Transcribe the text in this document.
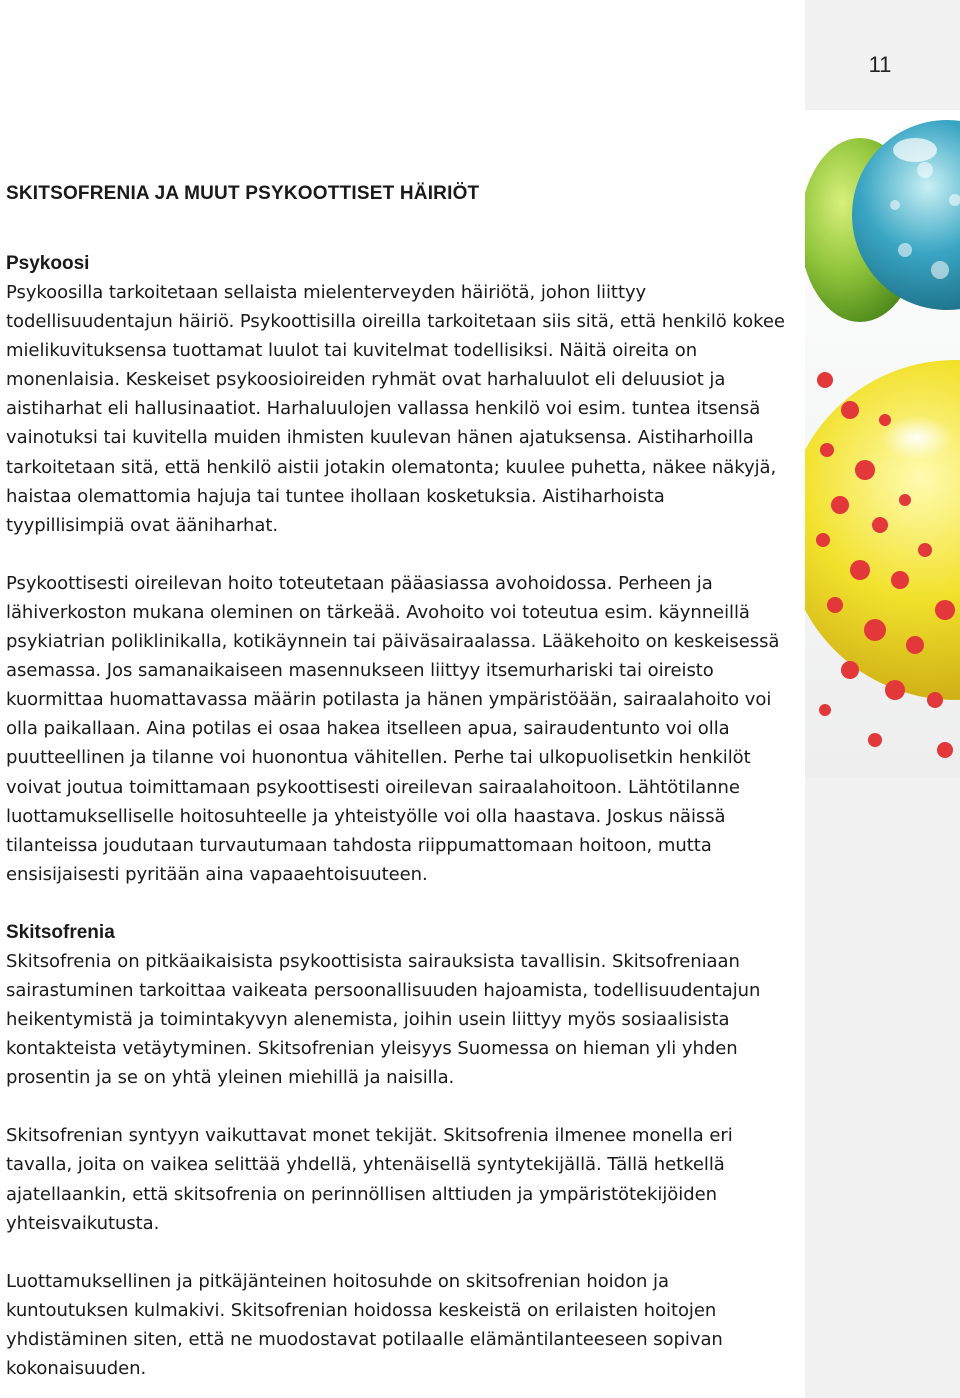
11
SKITSOFRENIA JA MUUT PSYKOOTTISET HÄIRIÖT
Psykoosi

Psykoosilla tarkoitetaan sellaista mielenterveyden häiriötä, johon liittyy todellisuudentajun häiriö. Psykoottisilla oireilla tarkoitetaan siis sitä, että henkilö kokee mielikuvituksensa tuottamat luulot tai kuvitelmat todellisiksi. Näitä oireita on monenlaisia. Keskeiset psykoosioireiden ryhmät ovat harhaluulot eli deluusiot ja aistiharhat eli hallusinaatiot. Harhaluulojen vallassa henkilö voi esim. tuntea itsensä vainotuksi tai kuvitella muiden ihmisten kuulevan hänen ajatuksensa. Aistiharhoilla tarkoitetaan sitä, että henkilö aistii jotakin olematonta; kuulee puhetta, näkee näkyjä, haistaa olemattomia hajuja tai tuntee ihollaan kosketuksia. Aistiharhoista tyypillisimpiä ovat ääniharhat.

Psykoottisesti oireilevan hoito toteutetaan pääasiassa avohoidossa. Perheen ja lähiverkoston mukana oleminen on tärkeää. Avohoito voi toteutua esim. käynneillä psykiatrian poliklinikalla, kotikäynnein tai päiväsairaalassa. Lääkehoito on keskeisessä asemassa. Jos samanaikaiseen masennukseen liittyy itsemurhariski tai oireisto kuormittaa huomattavassa määrin potilasta ja hänen ympäristöään, sairaalahoito voi olla paikallaan. Aina potilas ei osaa hakea itselleen apua, sairaudentunto voi olla puutteellinen ja tilanne voi huonontua vähitellen. Perhe tai ulkopuolisetkin henkilöt voivat joutua toimittamaan psykoottisesti oireilevan sairaalahoitoon. Lähtötilanne luottamukselliselle hoitosuhteelle ja yhteistyölle voi olla haastava. Joskus näissä tilanteissa joudutaan turvautumaan tahdosta riippumattomaan hoitoon, mutta ensisijaisesti pyritään aina vapaaehtoisuuteen.

Skitsofrenia

Skitsofrenia on pitkäaikaisista psykoottisista sairauksista tavallisin. Skitsofreniaan sairastuminen tarkoittaa vaikeata persoonallisuuden hajoamista, todellisuudentajun heikentymistä ja toimintakyvyn alenemista, joihin usein liittyy myös sosiaalisista kontakteista vetäytyminen. Skitsofrenian yleisyys Suomessa on hieman yli yhden prosentin ja se on yhtä yleinen miehillä ja naisilla.

Skitsofrenian syntyyn vaikuttavat monet tekijät. Skitsofrenia ilmenee monella eri tavalla, joita on vaikea selittää yhdellä, yhtenäisellä syntytekijällä. Tällä hetkellä ajatellaankin, että skitsofrenia on perinnöllisen alttiuden ja ympäristötekijöiden yhteisvaikutusta.

Luottamuksellinen ja pitkäjänteinen hoitosuhde on skitsofrenian hoidon ja kuntoutuksen kulmakivi. Skitsofrenian hoidossa keskeistä on erilaisten hoitojen yhdistäminen siten, että ne muodostavat potilaalle elämäntilanteeseen sopivan kokonaisuuden.
